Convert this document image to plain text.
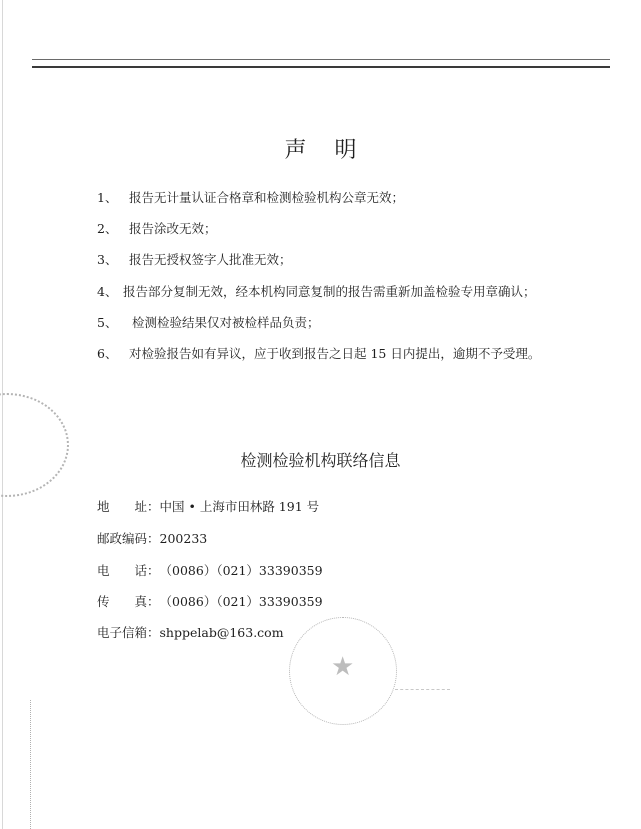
声明
1、 报告无计量认证合格章和检测检验机构公章无效；
2、 报告涂改无效；
3、 报告无授权签字人批准无效；
4、 报告部分复制无效，经本机构同意复制的报告需重新加盖检验专用章确认；
5、 检测检验结果仅对被检样品负责；
6、 对检验报告如有异议，应于收到报告之日起 15 日内提出，逾期不予受理。
检测检验机构联络信息
地　　址：中国 • 上海市田林路 191 号
邮政编码：200233
电　　话：（0086）（021）33390359
传　　真：（0086）（021）33390359
电子信箱：shppelab@163.com
★
